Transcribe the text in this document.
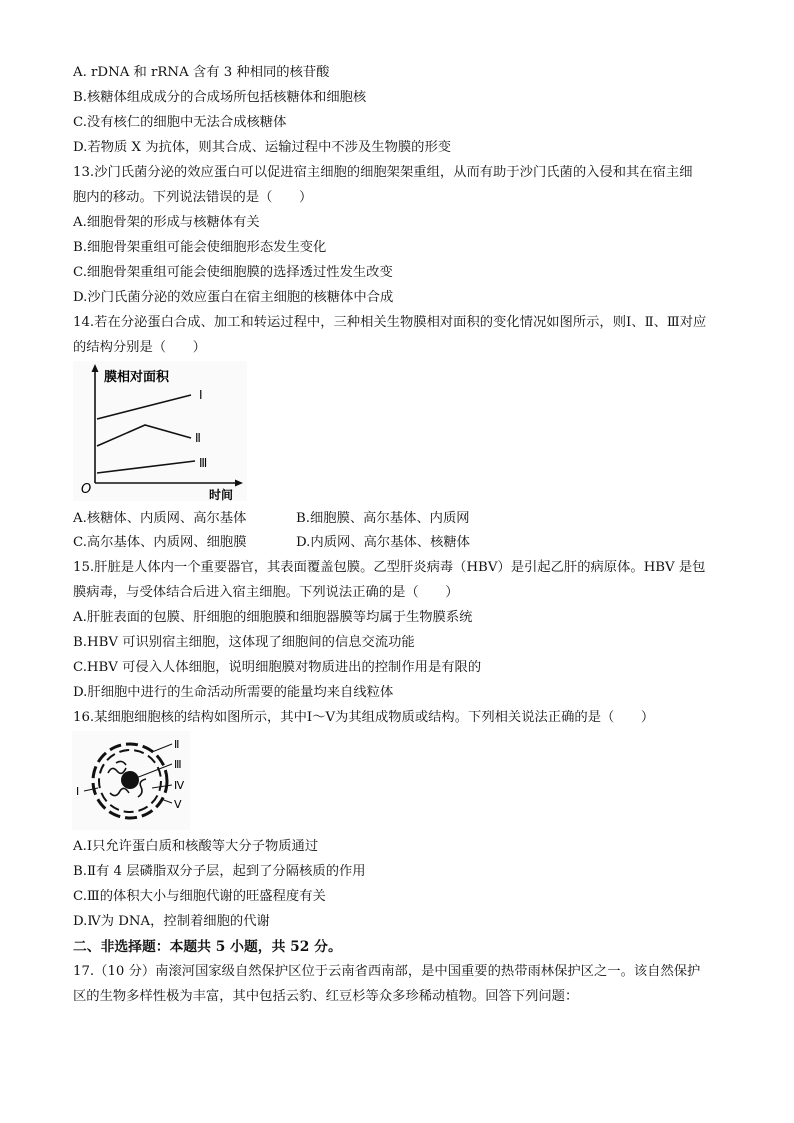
A. rDNA 和 rRNA 含有 3 种相同的核苷酸
B.核糖体组成成分的合成场所包括核糖体和细胞核
C.没有核仁的细胞中无法合成核糖体
D.若物质 X 为抗体，则其合成、运输过程中不涉及生物膜的形变
13.沙门氏菌分泌的效应蛋白可以促进宿主细胞的细胞架架重组，从而有助于沙门氏菌的入侵和其在宿主细
胞内的移动。下列说法错误的是（　　）
A.细胞骨架的形成与核糖体有关
B.细胞骨架重组可能会使细胞形态发生变化
C.细胞骨架重组可能会使细胞膜的选择透过性发生改变
D.沙门氏菌分泌的效应蛋白在宿主细胞的核糖体中合成
14.若在分泌蛋白合成、加工和转运过程中，三种相关生物膜相对面积的变化情况如图所示，则Ⅰ、Ⅱ、Ⅲ对应
的结构分别是（　　）
膜相对面积
Ⅰ
Ⅱ
Ⅲ
O	时间
A.核糖体、内质网、高尔基体	B.细胞膜、高尔基体、内质网
C.高尔基体、内质网、细胞膜	D.内质网、高尔基体、核糖体
15.肝脏是人体内一个重要器官，其表面覆盖包膜。乙型肝炎病毒（HBV）是引起乙肝的病原体。HBV 是包
膜病毒，与受体结合后进入宿主细胞。下列说法正确的是（　　）
A.肝脏表面的包膜、肝细胞的细胞膜和细胞器膜等均属于生物膜系统
B.HBV 可识别宿主细胞，这体现了细胞间的信息交流功能
C.HBV 可侵入人体细胞，说明细胞膜对物质进出的控制作用是有限的
D.肝细胞中进行的生命活动所需要的能量均来自线粒体
16.某细胞细胞核的结构如图所示，其中Ⅰ～Ⅴ为其组成物质或结构。下列相关说法正确的是（　　）
Ⅱ
Ⅲ
Ⅳ
Ⅴ
Ⅰ
A.Ⅰ只允许蛋白质和核酸等大分子物质通过
B.Ⅱ有 4 层磷脂双分子层，起到了分隔核质的作用
C.Ⅲ的体积大小与细胞代谢的旺盛程度有关
D.Ⅳ为 DNA，控制着细胞的代谢
二、非选择题：本题共 5 小题，共 52 分。
17.（10 分）南滚河国家级自然保护区位于云南省西南部，是中国重要的热带雨林保护区之一。该自然保护
区的生物多样性极为丰富，其中包括云豹、红豆杉等众多珍稀动植物。回答下列问题：
